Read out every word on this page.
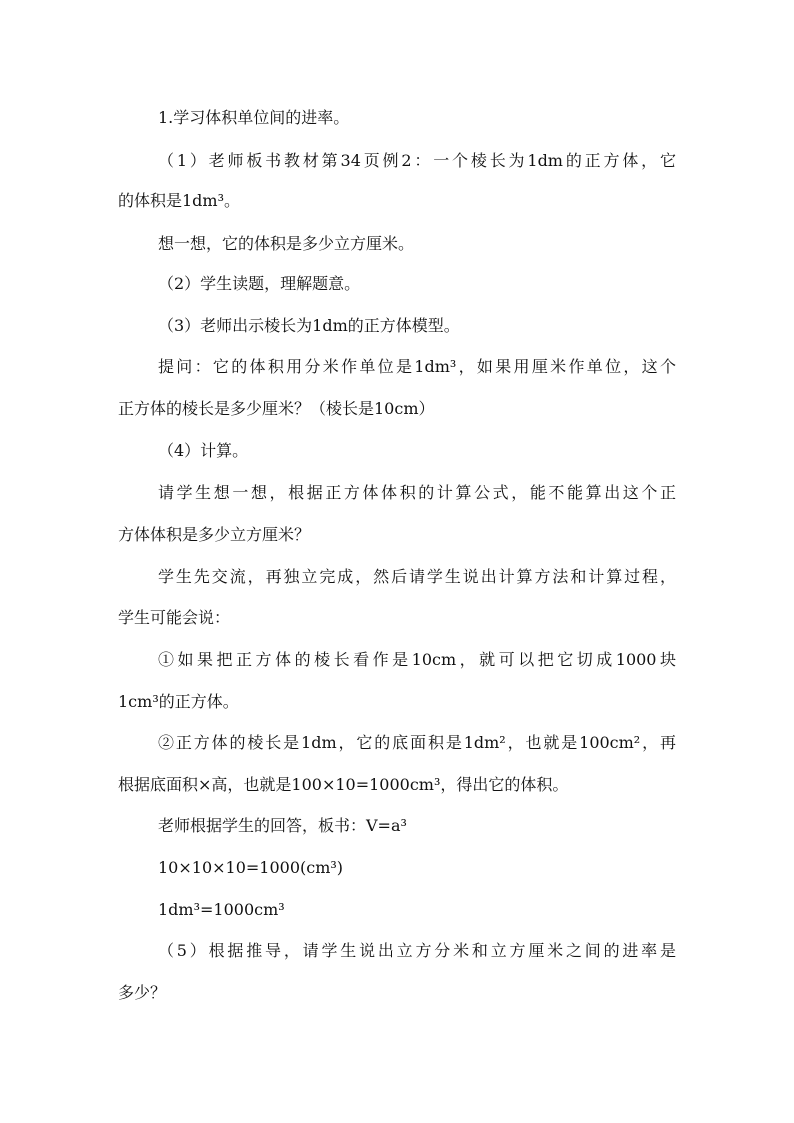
1.学习体积单位间的进率。
（1）老师板书教材第34页例2：一个棱长为1dm的正方体，它
的体积是1dm³。
想一想，它的体积是多少立方厘米。
（2）学生读题，理解题意。
（3）老师出示棱长为1dm的正方体模型。
提问：它的体积用分米作单位是1dm³，如果用厘米作单位，这个
正方体的棱长是多少厘米？（棱长是10cm）
（4）计算。
请学生想一想，根据正方体体积的计算公式，能不能算出这个正
方体体积是多少立方厘米？
学生先交流，再独立完成，然后请学生说出计算方法和计算过程，
学生可能会说：
①如果把正方体的棱长看作是10cm，就可以把它切成1000块
1cm³的正方体。
②正方体的棱长是1dm，它的底面积是1dm²，也就是100cm²，再
根据底面积×高，也就是100×10=1000cm³，得出它的体积。
老师根据学生的回答，板书：V=a³
10×10×10=1000(cm³)
1dm³=1000cm³
（5）根据推导，请学生说出立方分米和立方厘米之间的进率是
多少？
